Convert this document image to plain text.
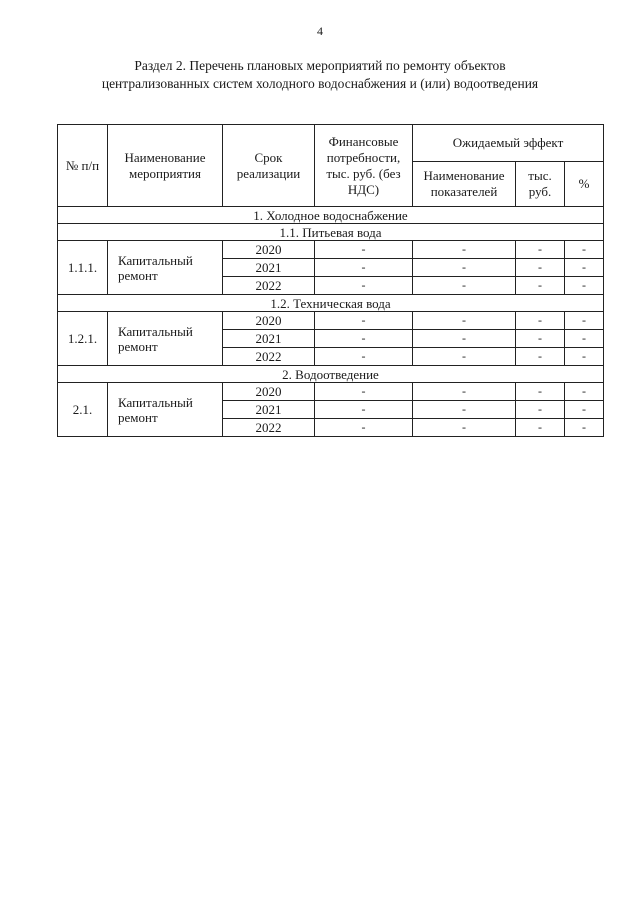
4
Раздел 2. Перечень плановых мероприятий по ремонту объектов централизованных систем холодного водоснабжения и (или) водоотведения
№ п/п	Наименование мероприятия	Срок реализации	Финансовые потребности, тыс. руб. (без НДС)	Ожидаемый эффект		
				Наименование показателей	тыс. руб.	%
1. Холодное водоснабжение						
1.1. Питьевая вода						
1.1.1.	Капитальный ремонт	2020	-	-	-	-
		2021	-	-	-	-
		2022	-	-	-	-
1.2. Техническая вода						
1.2.1.	Капитальный ремонт	2020	-	-	-	-
		2021	-	-	-	-
		2022	-	-	-	-
2. Водоотведение						
2.1.	Капитальный ремонт	2020	-	-	-	-
		2021	-	-	-	-
		2022	-	-	-	-
